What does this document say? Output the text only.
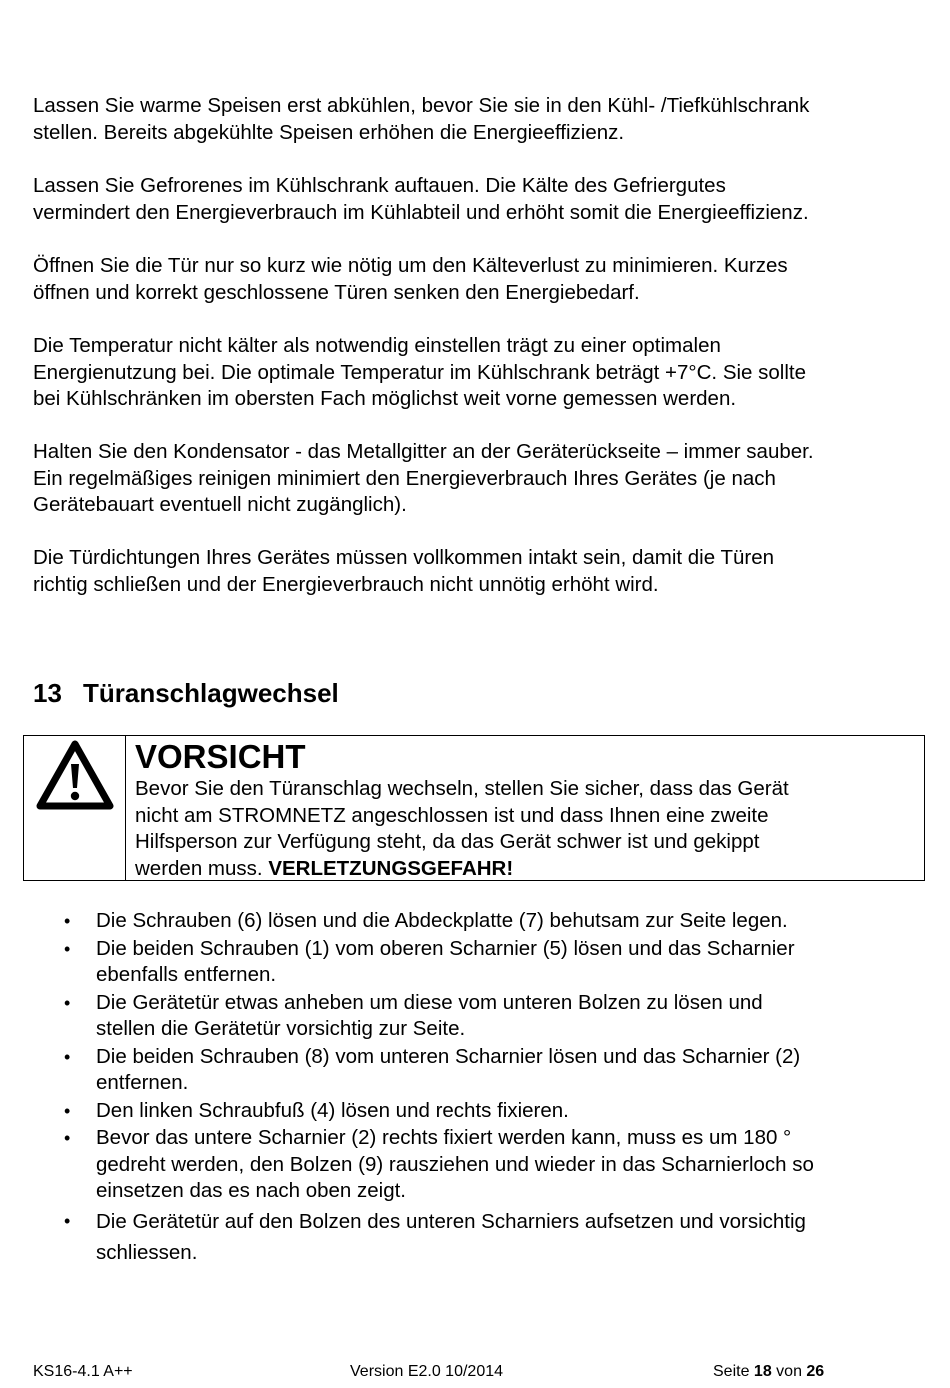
Lassen Sie warme Speisen erst abkühlen, bevor Sie sie in den Kühl- /Tiefkühlschrank
stellen. Bereits abgekühlte Speisen erhöhen die Energieeffizienz.

Lassen Sie Gefrorenes im Kühlschrank auftauen. Die Kälte des Gefriergutes
vermindert den Energieverbrauch im Kühlabteil und erhöht somit die Energieeffizienz.

Öffnen Sie die Tür nur so kurz wie nötig um den Kälteverlust zu minimieren. Kurzes
öffnen und korrekt geschlossene Türen senken den Energiebedarf.

Die Temperatur nicht kälter als notwendig einstellen trägt zu einer optimalen
Energienutzung bei. Die optimale Temperatur im Kühlschrank beträgt +7°C. Sie sollte
bei Kühlschränken im obersten Fach möglichst weit vorne gemessen werden.

Halten Sie den Kondensator - das Metallgitter an der Geräterückseite – immer sauber.
Ein regelmäßiges reinigen minimiert den Energieverbrauch Ihres Gerätes (je nach
Gerätebauart eventuell nicht zugänglich).

Die Türdichtungen Ihres Gerätes müssen vollkommen intakt sein, damit die Türen
richtig schließen und der Energieverbrauch nicht unnötig erhöht wird.

13 Türanschlagwechsel
VORSICHT
Bevor Sie den Türanschlag wechseln, stellen Sie sicher, dass das Gerät
nicht am STROMNETZ angeschlossen ist und dass Ihnen eine zweite
Hilfsperson zur Verfügung steht, da das Gerät schwer ist und gekippt
werden muss. VERLETZUNGSGEFAHR!
• Die Schrauben (6) lösen und die Abdeckplatte (7) behutsam zur Seite legen.
• Die beiden Schrauben (1) vom oberen Scharnier (5) lösen und das Scharnier
ebenfalls entfernen.
• Die Gerätetür etwas anheben um diese vom unteren Bolzen zu lösen und
stellen die Gerätetür vorsichtig zur Seite.
• Die beiden Schrauben (8) vom unteren Scharnier lösen und das Scharnier (2)
entfernen.
• Den linken Schraubfuß (4) lösen und rechts fixieren.
• Bevor das untere Scharnier (2) rechts fixiert werden kann, muss es um 180 °
gedreht werden, den Bolzen (9) rausziehen und wieder in das Scharnierloch so
einsetzen das es nach oben zeigt.
• Die Gerätetür auf den Bolzen des unteren Scharniers aufsetzen und vorsichtig
schliessen.
KS16-4.1 A++	Version E2.0 10/2014	Seite 18 von 26
